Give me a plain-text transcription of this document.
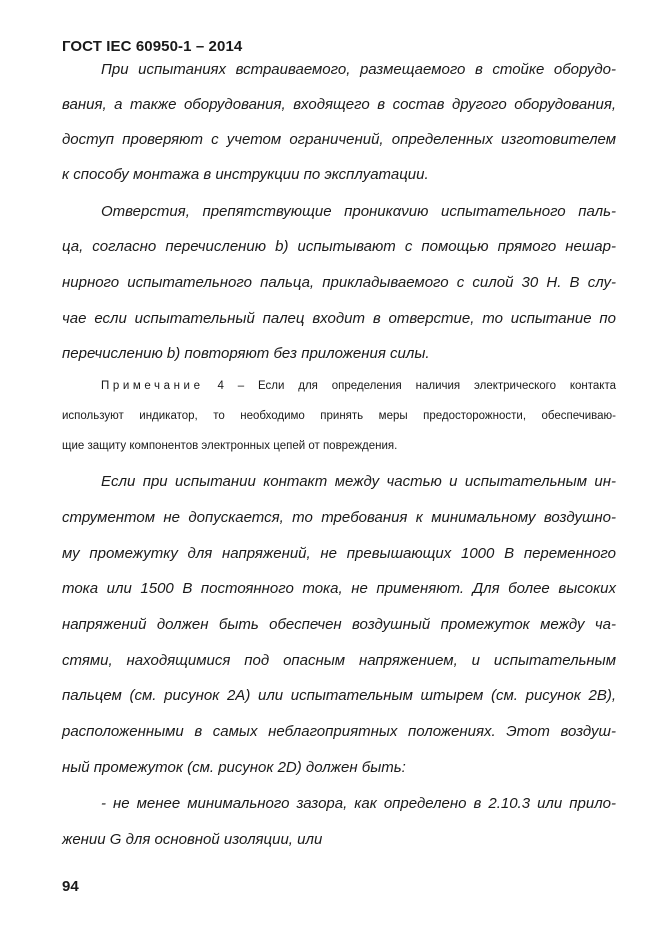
ГОСТ IEC 60950-1 – 2014
При испытаниях встраиваемого, размещаемого в стойке оборудо-
вания, а также оборудования, входящего в состав другого оборудования,
доступ проверяют с учетом ограничений, определенных изготовителем
к способу монтажа в инструкции по эксплуатации.
Отверстия, препятствующие проникανию испытательного паль-
ца, согласно перечислению b) испытывают с помощью прямого нешар-
нирного испытательного пальца, прикладываемого с силой 30 Н. В слу-
чае если испытательный палец входит в отверстие, то испытание по
перечислению b) повторяют без приложения силы.
Примечание 4 – Если для определения наличия электрического контакта
используют индикатор, то необходимо принять меры предосторожности, обеспечиваю-
щие защиту компонентов электронных цепей от повреждения.
Если при испытании контакт между частью и испытательным ин-
струментом не допускается, то требования к минимальному воздушно-
му промежутку для напряжений, не превышающих 1000 В переменного
тока или 1500 В постоянного тока, не применяют. Для более высоких
напряжений должен быть обеспечен воздушный промежуток между ча-
стями, находящимися под опасным напряжением, и испытательным
пальцем (см. рисунок 2А) или испытательным штырем (см. рисунок 2В),
расположенными в самых неблагоприятных положениях. Этот воздуш-
ный промежуток (см. рисунок 2D) должен быть:
- не менее минимального зазора, как определено в 2.10.3 или прило-
жении G для основной изоляции, или
94
